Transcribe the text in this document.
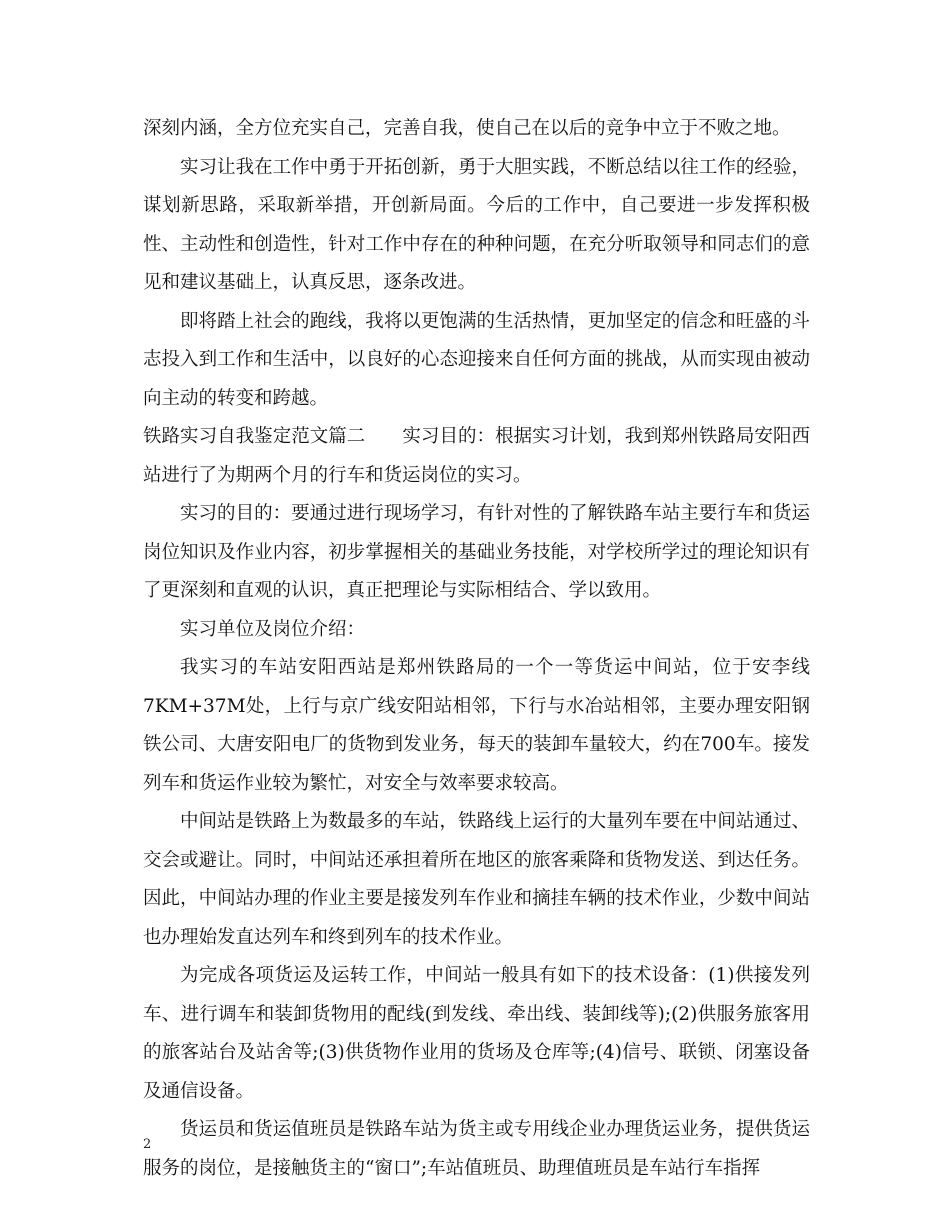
深刻内涵，全方位充实自己，完善自我，使自己在以后的竞争中立于不败之地。

实习让我在工作中勇于开拓创新，勇于大胆实践，不断总结以往工作的经验，谋划新思路，采取新举措，开创新局面。今后的工作中，自己要进一步发挥积极性、主动性和创造性，针对工作中存在的种种问题，在充分听取领导和同志们的意见和建议基础上，认真反思，逐条改进。

即将踏上社会的跑线，我将以更饱满的生活热情，更加坚定的信念和旺盛的斗志投入到工作和生活中，以良好的心态迎接来自任何方面的挑战，从而实现由被动向主动的转变和跨越。

铁路实习自我鉴定范文篇二　　实习目的：根据实习计划，我到郑州铁路局安阳西站进行了为期两个月的行车和货运岗位的实习。

实习的目的：要通过进行现场学习，有针对性的了解铁路车站主要行车和货运岗位知识及作业内容，初步掌握相关的基础业务技能，对学校所学过的理论知识有了更深刻和直观的认识，真正把理论与实际相结合、学以致用。

实习单位及岗位介绍：

我实习的车站安阳西站是郑州铁路局的一个一等货运中间站，位于安李线7KM+37M处，上行与京广线安阳站相邻，下行与水冶站相邻，主要办理安阳钢铁公司、大唐安阳电厂的货物到发业务，每天的装卸车量较大，约在700车。接发列车和货运作业较为繁忙，对安全与效率要求较高。

中间站是铁路上为数最多的车站，铁路线上运行的大量列车要在中间站通过、交会或避让。同时，中间站还承担着所在地区的旅客乘降和货物发送、到达任务。因此，中间站办理的作业主要是接发列车作业和摘挂车辆的技术作业，少数中间站也办理始发直达列车和终到列车的技术作业。

为完成各项货运及运转工作，中间站一般具有如下的技术设备：(1)供接发列车、进行调车和装卸货物用的配线(到发线、牵出线、装卸线等);(2)供服务旅客用的旅客站台及站舍等;(3)供货物作业用的货场及仓库等;(4)信号、联锁、闭塞设备及通信设备。

货运员和货运值班员是铁路车站为货主或专用线企业办理货运业务，提供货运服务的岗位，是接触货主的“窗口”;车站值班员、助理值班员是车站行车指挥

2
